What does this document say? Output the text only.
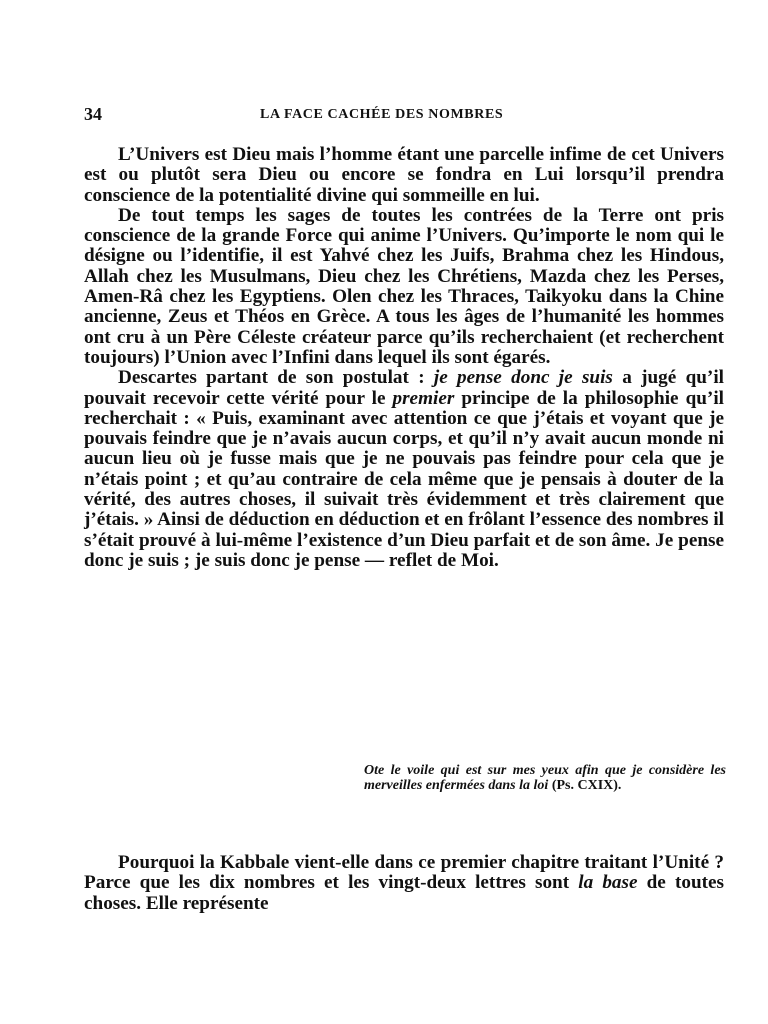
34	LA FACE CACHÉE DES NOMBRES

L’Univers est Dieu mais l’homme étant une parcelle infime de cet Univers est ou plutôt sera Dieu ou encore se fondra en Lui lorsqu’il prendra conscience de la potentialité divine qui sommeille en lui.

De tout temps les sages de toutes les contrées de la Terre ont pris conscience de la grande Force qui anime l’Univers. Qu’importe le nom qui le désigne ou l’identifie, il est Yahvé chez les Juifs, Brahma chez les Hindous, Allah chez les Musulmans, Dieu chez les Chrétiens, Mazda chez les Perses, Amen-Râ chez les Egyptiens. Olen chez les Thraces, Taikyoku dans la Chine ancienne, Zeus et Théos en Grèce. A tous les âges de l’humanité les hommes ont cru à un Père Céleste créateur parce qu’ils recherchaient (et recherchent toujours) l’Union avec l’Infini dans lequel ils sont égarés.

Descartes partant de son postulat : je pense donc je suis a jugé qu’il pouvait recevoir cette vérité pour le premier principe de la philosophie qu’il recherchait : « Puis, examinant avec attention ce que j’étais et voyant que je pouvais feindre que je n’avais aucun corps, et qu’il n’y avait aucun monde ni aucun lieu où je fusse mais que je ne pouvais pas feindre pour cela que je n’étais point ; et qu’au contraire de cela même que je pensais à douter de la vérité, des autres choses, il suivait très évidemment et très clairement que j’étais. » Ainsi de déduction en déduction et en frôlant l’essence des nombres il s’était prouvé à lui-même l’existence d’un Dieu parfait et de son âme. Je pense donc je suis ; je suis donc je pense — reflet de Moi.

Ote le voile qui est sur mes yeux afin que je considère les merveilles enfermées dans la loi (Ps. CXIX).

Pourquoi la Kabbale vient-elle dans ce premier chapitre traitant l’Unité ? Parce que les dix nombres et les vingt-deux lettres sont la base de toutes choses. Elle représente
